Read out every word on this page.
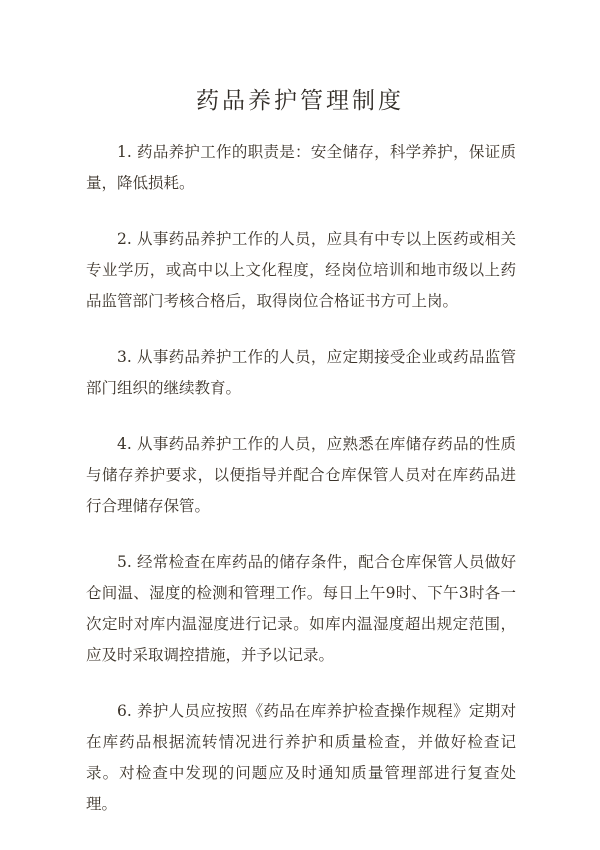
药品养护管理制度

1. 药品养护工作的职责是：安全储存，科学养护，保证质量，降低损耗。

2. 从事药品养护工作的人员，应具有中专以上医药或相关专业学历，或高中以上文化程度，经岗位培训和地市级以上药品监管部门考核合格后，取得岗位合格证书方可上岗。

3. 从事药品养护工作的人员，应定期接受企业或药品监管部门组织的继续教育。

4. 从事药品养护工作的人员，应熟悉在库储存药品的性质与储存养护要求，以便指导并配合仓库保管人员对在库药品进行合理储存保管。

5. 经常检查在库药品的储存条件，配合仓库保管人员做好仓间温、湿度的检测和管理工作。每日上午9时、下午3时各一次定时对库内温湿度进行记录。如库内温湿度超出规定范围，应及时采取调控措施，并予以记录。

6. 养护人员应按照《药品在库养护检查操作规程》定期对在库药品根据流转情况进行养护和质量检查，并做好检查记录。对检查中发现的问题应及时通知质量管理部进行复查处理。
